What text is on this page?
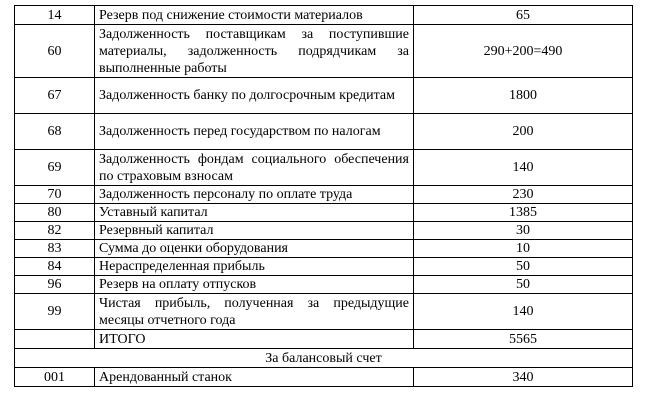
14	Резерв под снижение стоимости материалов	65
60	Задолженность поставщикам за поступившие материалы, задолженность подрядчикам за выполненные работы	290+200=490
67	Задолженность банку по долгосрочным кредитам	1800
68	Задолженность перед государством по налогам	200
69	Задолженность фондам социального обеспечения по страховым взносам	140
70	Задолженность персоналу по оплате труда	230
80	Уставный капитал	1385
82	Резервный капитал	30
83	Сумма до оценки оборудования	10
84	Нераспределенная прибыль	50
96	Резерв на оплату отпусков	50
99	Чистая прибыль, полученная за предыдущие месяцы отчетного года	140
	ИТОГО	5565
За балансовый счет		
001	Арендованный станок	340
